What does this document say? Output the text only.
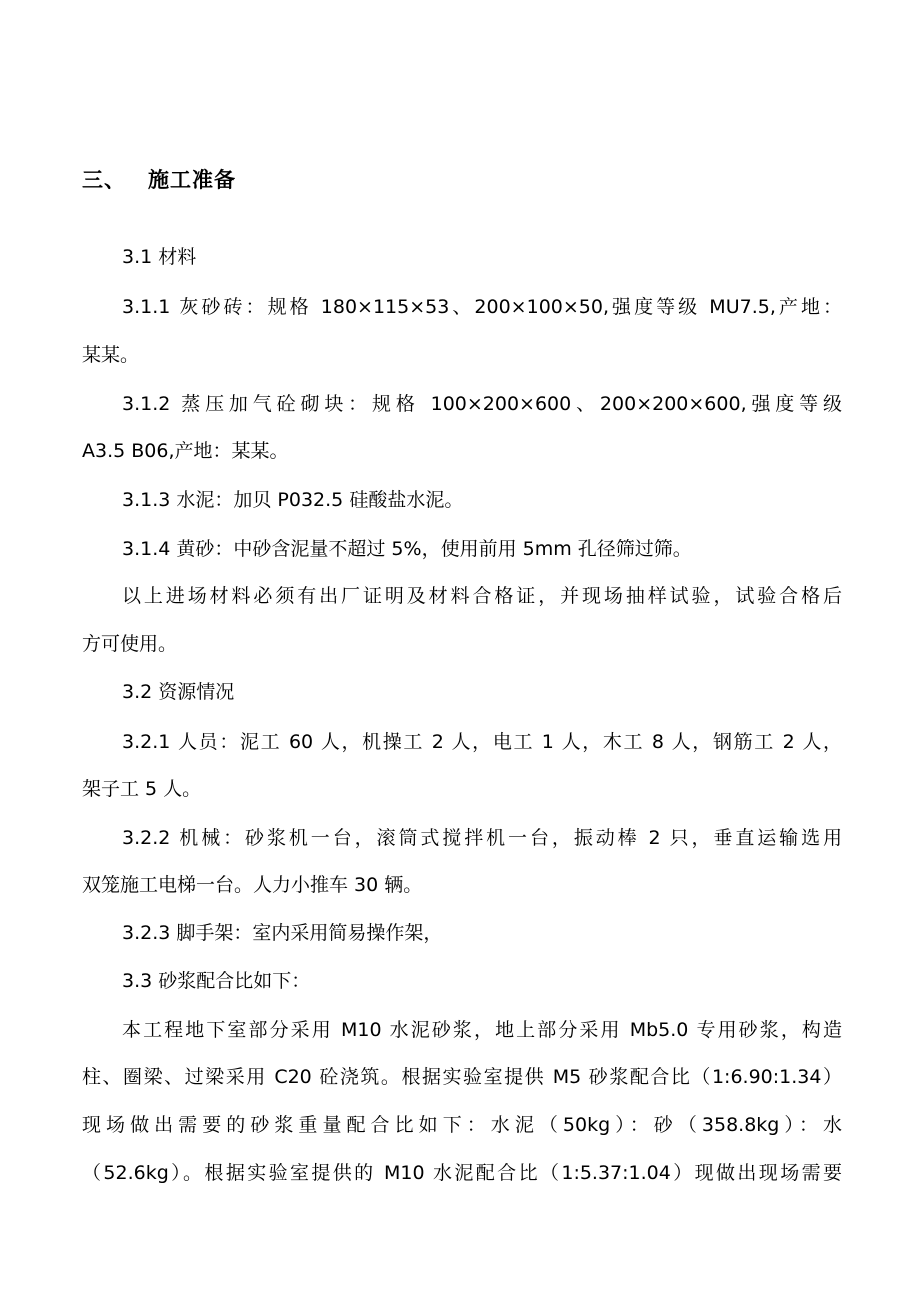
三、 施工准备
3.1 材料
3.1.1 灰砂砖：规格 180×115×53、200×100×50,强度等级 MU7.5,产地：
某某。
3.1.2 蒸压加气砼砌块：规格 100×200×600、200×200×600,强度等级
A3.5 B06,产地：某某。
3.1.3 水泥：加贝 P032.5 硅酸盐水泥。
3.1.4 黄砂：中砂含泥量不超过 5%，使用前用 5mm 孔径筛过筛。
以上进场材料必须有出厂证明及材料合格证，并现场抽样试验，试验合格后
方可使用。
3.2 资源情况
3.2.1 人员：泥工 60 人，机操工 2 人，电工 1 人，木工 8 人，钢筋工 2 人，
架子工 5 人。
3.2.2 机械：砂浆机一台，滚筒式搅拌机一台，振动棒 2 只，垂直运输选用
双笼施工电梯一台。人力小推车 30 辆。
3.2.3 脚手架：室内采用简易操作架，
3.3 砂浆配合比如下：
本工程地下室部分采用 M10 水泥砂浆，地上部分采用 Mb5.0 专用砂浆，构造
柱、圈梁、过梁采用 C20 砼浇筑。根据实验室提供 M5 砂浆配合比（1:6.90:1.34）
现场做出需要的砂浆重量配合比如下：水泥（50kg）：砂（358.8kg）：水
（52.6kg）。根据实验室提供的 M10 水泥配合比（1:5.37:1.04）现做出现场需要
